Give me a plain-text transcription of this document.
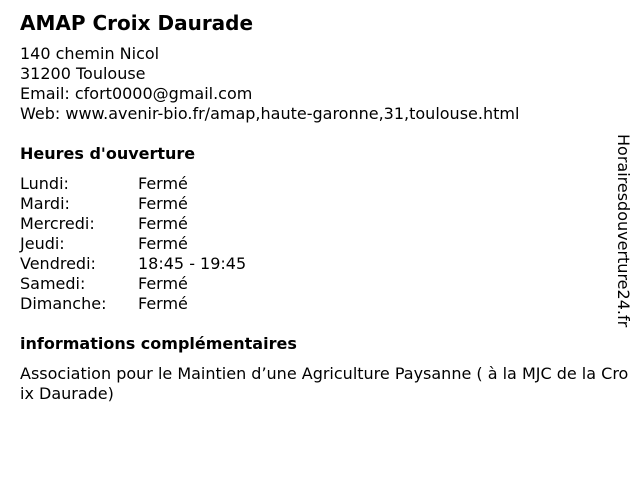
AMAP Croix Daurade
140 chemin Nicol
31200 Toulouse
Email: cfort0000@gmail.com
Web: www.avenir-bio.fr/amap,haute-garonne,31,toulouse.html
Heures d'ouverture
Lundi:	Fermé
Mardi:	Fermé
Mercredi:	Fermé
Jeudi:	Fermé
Vendredi:	18:45 - 19:45
Samedi:	Fermé
Dimanche:	Fermé
informations complémentaires
Association pour le Maintien d’une Agriculture Paysanne ( à la MJC de la Croix Daurade)
Horairesdouverture24.fr
